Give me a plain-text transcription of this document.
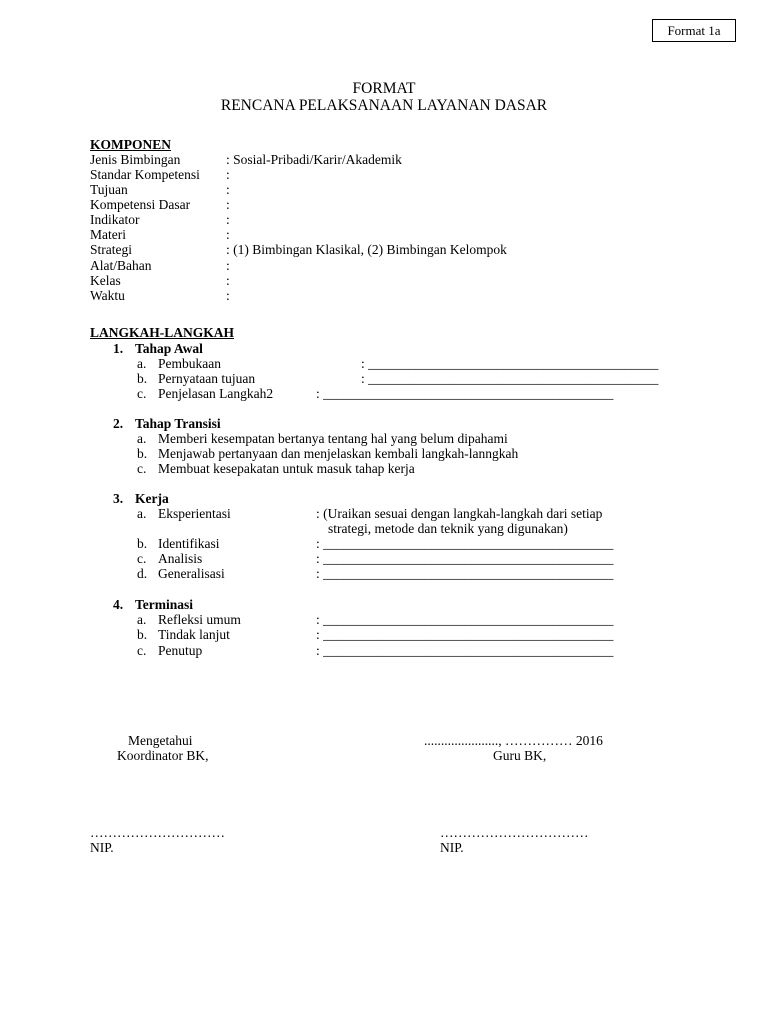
Format 1a
FORMAT
RENCANA PELAKSANAAN LAYANAN DASAR
KOMPONEN
Jenis Bimbingan	: Sosial-Pribadi/Karir/Akademik
Standar Kompetensi :
Tujuan	:
Kompetensi Dasar	:
Indikator	:
Materi	:
Strategi	: (1) Bimbingan Klasikal, (2) Bimbingan Kelompok
Alat/Bahan	:
Kelas	:
Waktu	:
LANGKAH-LANGKAH
1. Tahap Awal
a. Pembukaan	: ___________________________________________
b. Pernyataan tujuan	: ___________________________________________
c. Penjelasan Langkah2	: ___________________________________________
2. Tahap Transisi
a. Memberi kesempatan bertanya tentang hal yang belum dipahami
b. Menjawab pertanyaan dan menjelaskan kembali langkah-lanngkah
c. Membuat kesepakatan untuk masuk tahap kerja
3. Kerja
a. Eksperientasi	: (Uraikan sesuai dengan langkah-langkah dari setiap
strategi, metode dan teknik yang digunakan)
b. Identifikasi	: ___________________________________________
c. Analisis	: ___________________________________________
d. Generalisasi	: ___________________________________________
4. Terminasi
a. Refleksi umum	: ___________________________________________
b. Tindak lanjut	: ___________________________________________
c. Penutup	: ___________________________________________
Mengetahui
Koordinator BK,
......................, …………… 2016
Guru BK,
…………………………
NIP.
……………………………
NIP.
